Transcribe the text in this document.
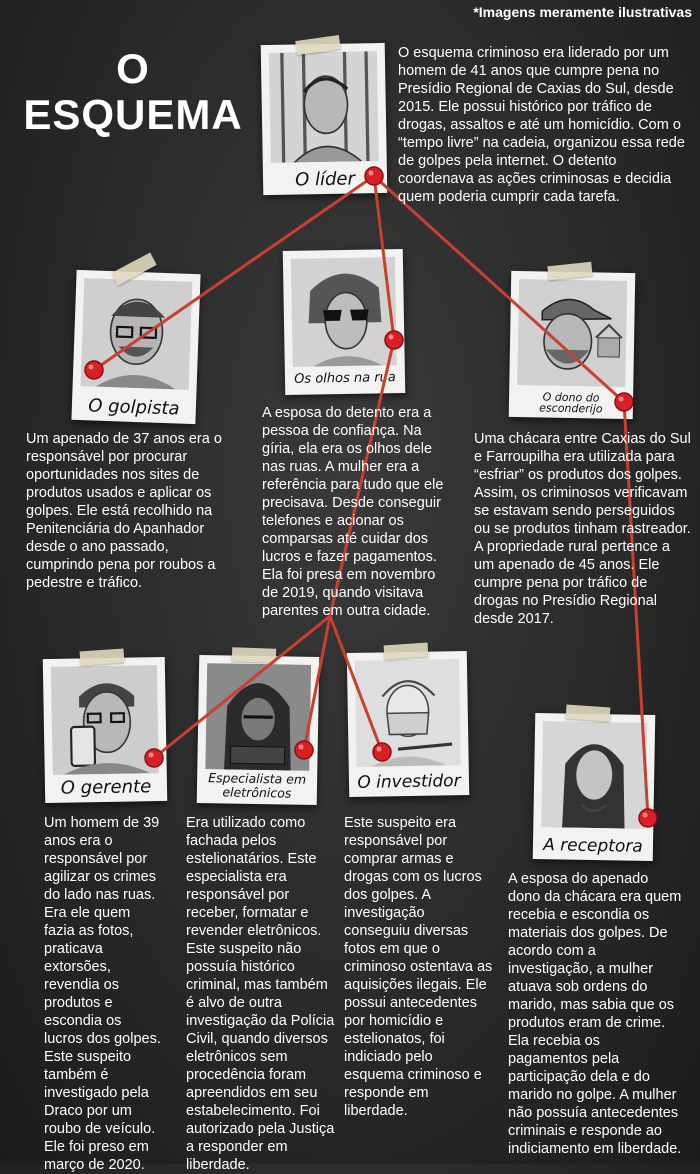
*Imagens meramente ilustrativas
O
ESQUEMA
O líder
O golpista
Os olhos na rua
O dono do esconderijo
O gerente	Especialista em eletrônicos	O investidor
A receptora
O esquema criminoso era liderado por um homem de 41 anos que cumpre pena no Presídio Regional de Caxias do Sul, desde 2015. Ele possui histórico por tráfico de drogas, assaltos e até um homicídio. Com o “tempo livre” na cadeia, organizou essa rede de golpes pela internet. O detento coordenava as ações criminosas e decidia quem poderia cumprir cada tarefa.
Um apenado de 37 anos era o responsável por procurar oportunidades nos sites de produtos usados e aplicar os golpes. Ele está recolhido na Penitenciária do Apanhador desde o ano passado, cumprindo pena por roubos a pedestre e tráfico.
A esposa do detento era a pessoa de confiança. Na gíria, ela era os olhos dele nas ruas. A mulher era a referência para tudo que ele precisava. Desde conseguir telefones e acionar os comparsas até cuidar dos lucros e fazer pagamentos. Ela foi presa em novembro de 2019, quando visitava parentes em outra cidade.
Uma chácara entre Caxias do Sul e Farroupilha era utilizada para “esfriar” os produtos dos golpes. Assim, os criminosos verificavam se estavam sendo perseguidos ou se produtos tinham rastreador. A propriedade rural pertence a um apenado de 45 anos. Ele cumpre pena por tráfico de drogas no Presídio Regional desde 2017.
Um homem de 39 anos era o responsável por agilizar os crimes do lado nas ruas. Era ele quem fazia as fotos, praticava extorsões, revendia os produtos e escondia os lucros dos golpes. Este suspeito também é investigado pela Draco por um roubo de veículo. Ele foi preso em março de 2020.
Era utilizado como fachada pelos estelionatários. Este especialista era responsável por receber, formatar e revender eletrônicos. Este suspeito não possuía histórico criminal, mas também é alvo de outra investigação da Polícia Civil, quando diversos eletrônicos sem procedência foram apreendidos em seu estabelecimento. Foi autorizado pela Justiça a responder em liberdade.
Este suspeito era responsável por comprar armas e drogas com os lucros dos golpes. A investigação conseguiu diversas fotos em que o criminoso ostentava as aquisições ilegais. Ele possui antecedentes por homicídio e estelionatos, foi indiciado pelo esquema criminoso e responde em liberdade.
A esposa do apenado dono da chácara era quem recebia e escondia os materiais dos golpes. De acordo com a investigação, a mulher atuava sob ordens do marido, mas sabia que os produtos eram de crime. Ela recebia os pagamentos pela participação dela e do marido no golpe. A mulher não possuía antecedentes criminais e responde ao indiciamento em liberdade.
